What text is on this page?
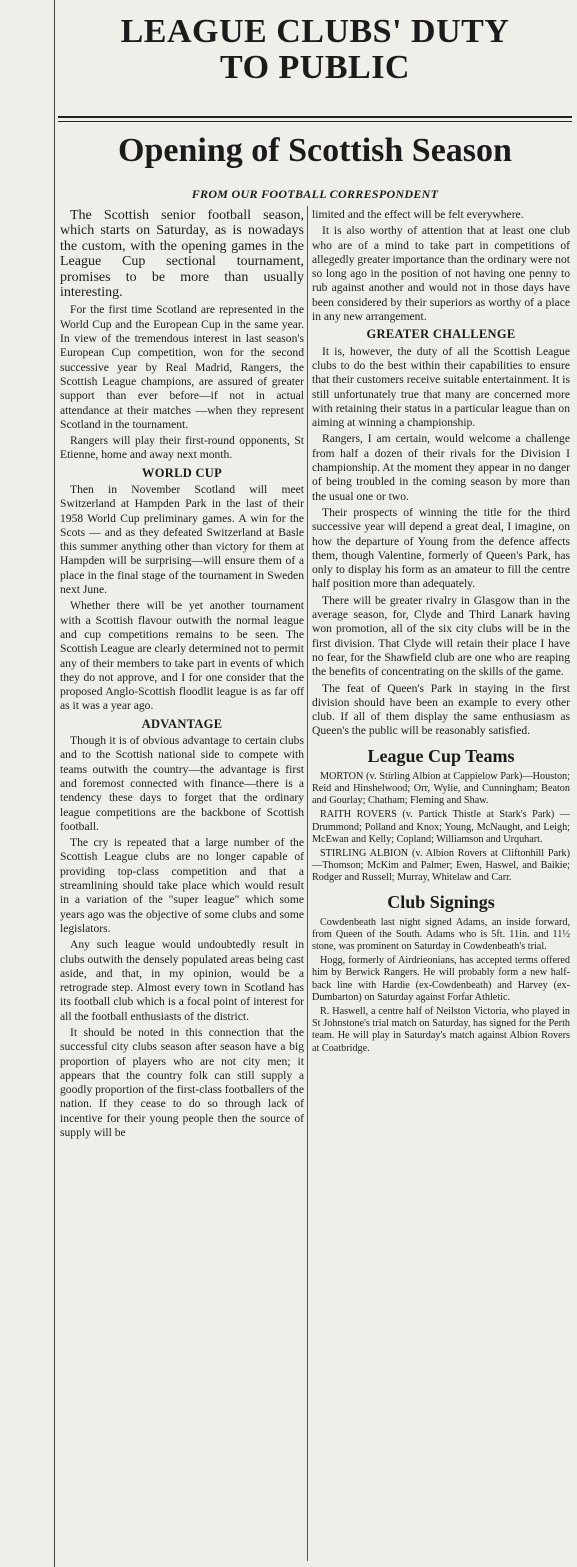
LEAGUE CLUBS' DUTY
TO PUBLIC
Opening of Scottish Season
FROM OUR FOOTBALL CORRESPONDENT

The Scottish senior football season, which starts on Saturday, as is nowadays the custom, with the opening games in the League Cup sectional tournament, promises to be more than usually interesting.

For the first time Scotland are represented in the World Cup and the European Cup in the same year. In view of the tremendous interest in last season's European Cup competition, won for the second successive year by Real Madrid, Rangers, the Scottish League champions, are assured of greater support than ever before—if not in actual attendance at their matches —when they represent Scotland in the tournament.

Rangers will play their first-round opponents, St Etienne, home and away next month.

WORLD CUP

Then in November Scotland will meet Switzerland at Hampden Park in the last of their 1958 World Cup preliminary games. A win for the Scots — and as they defeated Switzerland at Basle this summer anything other than victory for them at Hampden will be surprising—will ensure them of a place in the final stage of the tournament in Sweden next June.

Whether there will be yet another tournament with a Scottish flavour outwith the normal league and cup competitions remains to be seen. The Scottish League are clearly determined not to permit any of their members to take part in events of which they do not approve, and I for one consider that the proposed Anglo-Scottish floodlit league is as far off as it was a year ago.

ADVANTAGE

Though it is of obvious advantage to certain clubs and to the Scottish national side to compete with teams outwith the country—the advantage is first and foremost connected with finance—there is a tendency these days to forget that the ordinary league competitions are the backbone of Scottish football.

The cry is repeated that a large number of the Scottish League clubs are no longer capable of providing top-class competition and that a streamlining should take place which would result in a variation of the "super league" which some years ago was the objective of some clubs and some legislators.

Any such league would undoubtedly result in clubs outwith the densely populated areas being cast aside, and that, in my opinion, would be a retrograde step. Almost every town in Scotland has its football club which is a focal point of interest for all the football enthusiasts of the district.

It should be noted in this connection that the successful city clubs season after season have a big proportion of players who are not city men; it appears that the country folk can still supply a goodly proportion of the first-class footballers of the nation. If they cease to do so through lack of incentive for their young people then the source of supply will be

limited and the effect will be felt everywhere.

It is also worthy of attention that at least one club who are of a mind to take part in competitions of allegedly greater importance than the ordinary were not so long ago in the position of not having one penny to rub against another and would not in those days have been considered by their superiors as worthy of a place in any new arrangement.

GREATER CHALLENGE

It is, however, the duty of all the Scottish League clubs to do the best within their capabilities to ensure that their customers receive suitable entertainment. It is still unfortunately true that many are concerned more with retaining their status in a particular league than on aiming at winning a championship.

Rangers, I am certain, would welcome a challenge from half a dozen of their rivals for the Division I championship. At the moment they appear in no danger of being troubled in the coming season by more than the usual one or two.

Their prospects of winning the title for the third successive year will depend a great deal, I imagine, on how the departure of Young from the defence affects them, though Valentine, formerly of Queen's Park, has only to display his form as an amateur to fill the centre half position more than adequately.

There will be greater rivalry in Glasgow than in the average season, for, Clyde and Third Lanark having won promotion, all of the six city clubs will be in the first division. That Clyde will retain their place I have no fear, for the Shawfield club are one who are reaping the benefits of concentrating on the skills of the game.

The feat of Queen's Park in staying in the first division should have been an example to every other club. If all of them display the same enthusiasm as Queen's the public will be reasonably satisfied.

League Cup Teams

MORTON (v. Stirling Albion at Cappielow Park)—Houston; Reid and Hinshelwood; Orr, Wylie, and Cunningham; Beaton and Gourlay; Chatham; Fleming and Shaw.

RAITH ROVERS (v. Partick Thistle at Stark's Park) — Drummond; Polland and Knox; Young, McNaught, and Leigh; McEwan and Kelly; Copland; Williamson and Urquhart.

STIRLING ALBION (v. Albion Rovers at Cliftonhill Park)—Thomson; McKim and Palmer; Ewen, Haswel, and Baikie; Rodger and Russell; Murray, Whitelaw and Carr.

Club Signings

Cowdenbeath last night signed Adams, an inside forward, from Queen of the South. Adams who is 5ft. 11in. and 11½ stone, was prominent on Saturday in Cowdenbeath's trial.

Hogg, formerly of Airdrieonians, has accepted terms offered him by Berwick Rangers. He will probably form a new half-back line with Hardie (ex-Cowdenbeath) and Harvey (ex-Dumbarton) on Saturday against Forfar Athletic.

R. Haswell, a centre half of Neilston Victoria, who played in St Johnstone's trial match on Saturday, has signed for the Perth team. He will play in Saturday's match against Albion Rovers at Coatbridge.
